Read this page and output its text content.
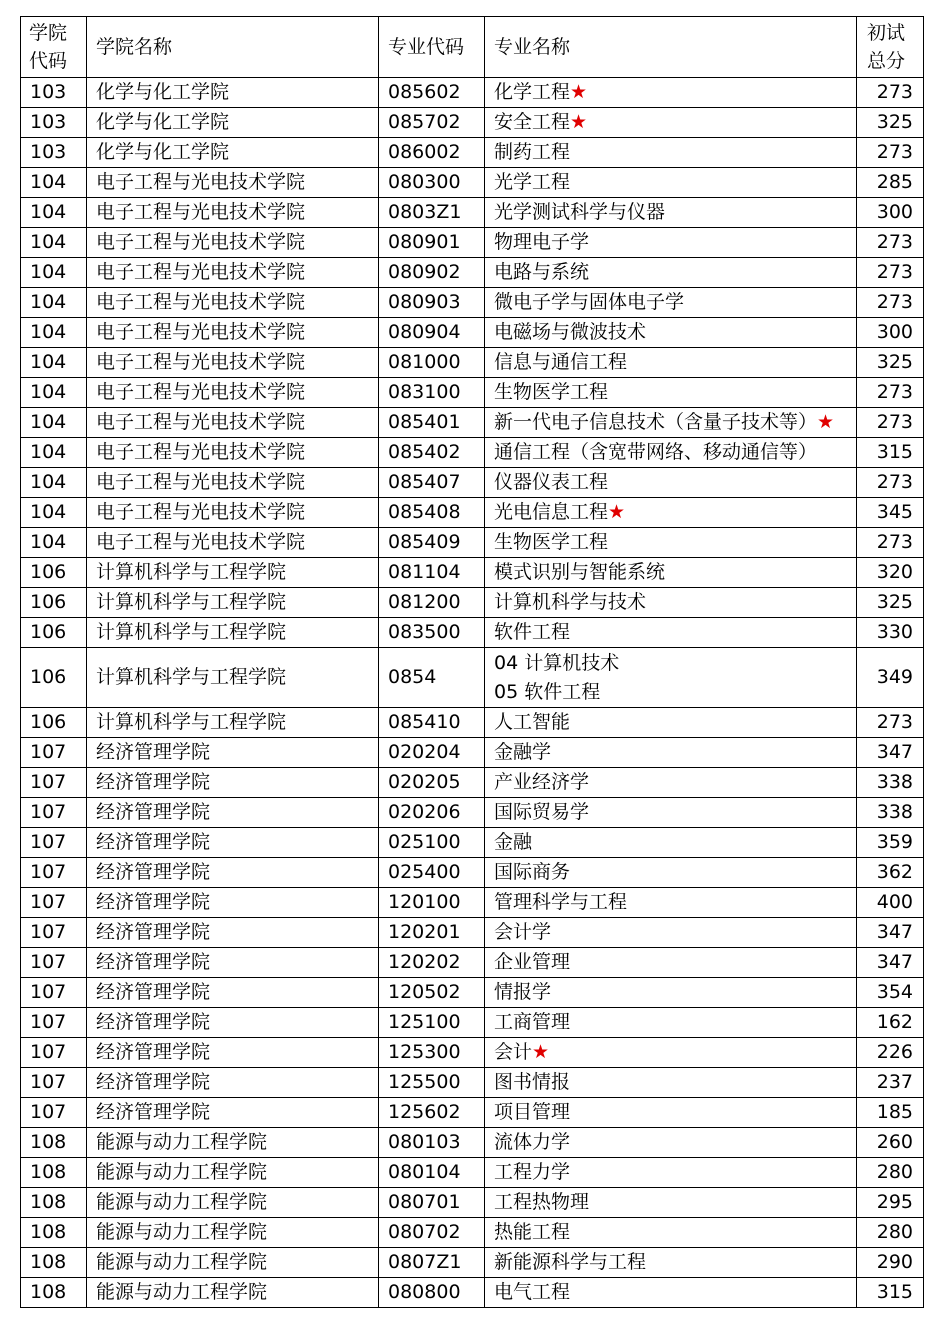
学院
代码	学院名称	专业代码	专业名称	初试
总分

103	化学与化工学院	085602	化学工程★	273
103	化学与化工学院	085702	安全工程★	325
103	化学与化工学院	086002	制药工程	273
104	电子工程与光电技术学院	080300	光学工程	285
104	电子工程与光电技术学院	0803Z1	光学测试科学与仪器	300
104	电子工程与光电技术学院	080901	物理电子学	273
104	电子工程与光电技术学院	080902	电路与系统	273
104	电子工程与光电技术学院	080903	微电子学与固体电子学	273
104	电子工程与光电技术学院	080904	电磁场与微波技术	300
104	电子工程与光电技术学院	081000	信息与通信工程	325
104	电子工程与光电技术学院	083100	生物医学工程	273
104	电子工程与光电技术学院	085401	新一代电子信息技术（含量子技术等）★	273
104	电子工程与光电技术学院	085402	通信工程（含宽带网络、移动通信等）	315
104	电子工程与光电技术学院	085407	仪器仪表工程	273
104	电子工程与光电技术学院	085408	光电信息工程★	345
104	电子工程与光电技术学院	085409	生物医学工程	273
106	计算机科学与工程学院	081104	模式识别与智能系统	320
106	计算机科学与工程学院	081200	计算机科学与技术	325
106	计算机科学与工程学院	083500	软件工程	330
106	计算机科学与工程学院	0854	04 计算机技术
05 软件工程	349
106	计算机科学与工程学院	085410	人工智能	273
107	经济管理学院	020204	金融学	347
107	经济管理学院	020205	产业经济学	338
107	经济管理学院	020206	国际贸易学	338
107	经济管理学院	025100	金融	359
107	经济管理学院	025400	国际商务	362
107	经济管理学院	120100	管理科学与工程	400
107	经济管理学院	120201	会计学	347
107	经济管理学院	120202	企业管理	347
107	经济管理学院	120502	情报学	354
107	经济管理学院	125100	工商管理	162
107	经济管理学院	125300	会计★	226
107	经济管理学院	125500	图书情报	237
107	经济管理学院	125602	项目管理	185
108	能源与动力工程学院	080103	流体力学	260
108	能源与动力工程学院	080104	工程力学	280
108	能源与动力工程学院	080701	工程热物理	295
108	能源与动力工程学院	080702	热能工程	280
108	能源与动力工程学院	0807Z1	新能源科学与工程	290
108	能源与动力工程学院	080800	电气工程	315
